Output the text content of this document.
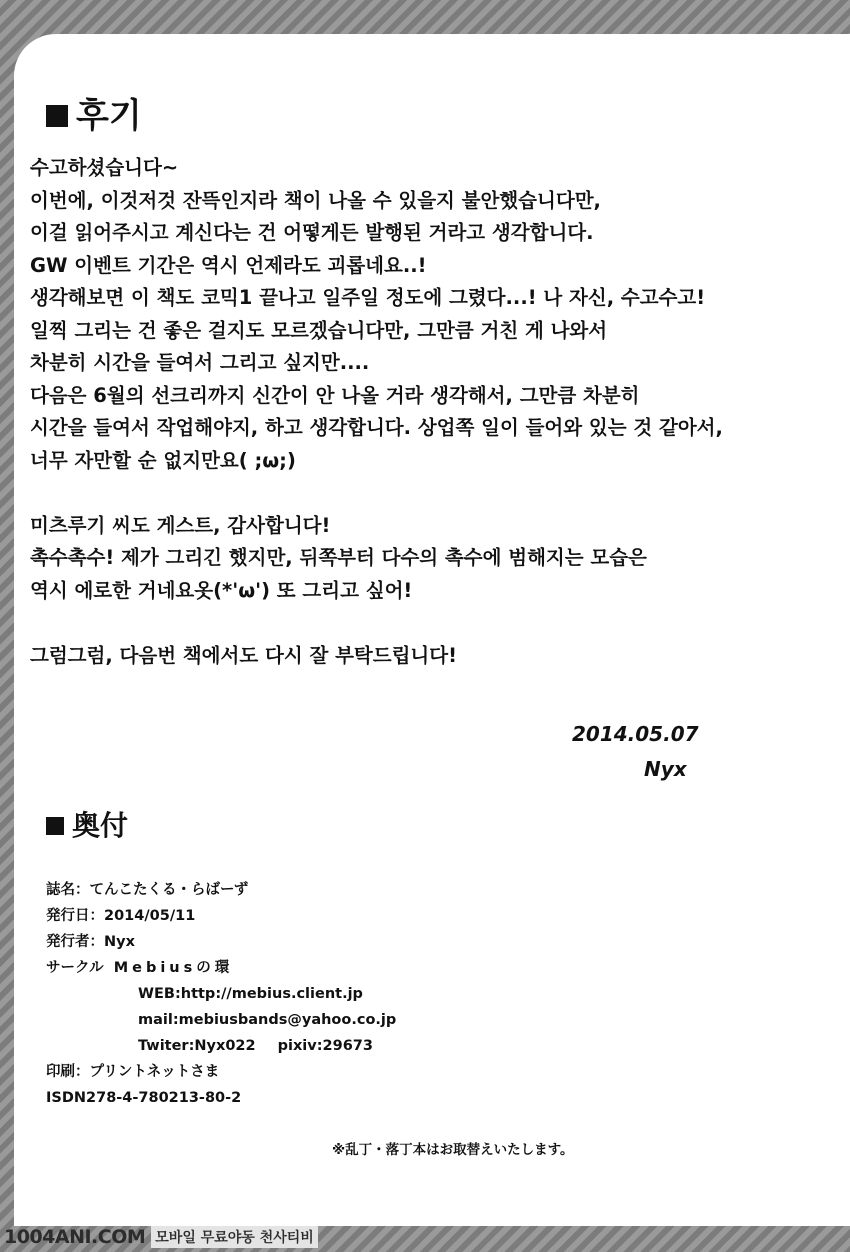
후기
수고하셨습니다~
이번에, 이것저것 잔뜩인지라 책이 나올 수 있을지 불안했습니다만,
이걸 읽어주시고 계신다는 건 어떻게든 발행된 거라고 생각합니다.
GW 이벤트 기간은 역시 언제라도 괴롭네요..!
생각해보면 이 책도 코믹1 끝나고 일주일 정도에 그렸다...! 나 자신, 수고수고!
일찍 그리는 건 좋은 걸지도 모르겠습니다만, 그만큼 거친 게 나와서
차분히 시간을 들여서 그리고 싶지만....
다음은 6월의 선크리까지 신간이 안 나올 거라 생각해서, 그만큼 차분히
시간을 들여서 작업해야지, 하고 생각합니다. 상업쪽 일이 들어와 있는 것 같아서,
너무 자만할 순 없지만요( ;ω;)
미츠루기 씨도 게스트, 감사합니다!
촉수촉수! 제가 그리긴 했지만, 뒤쪽부터 다수의 촉수에 범해지는 모습은
역시 에로한 거네요옷(*'ω') 또 그리고 싶어!
그럼그럼, 다음번 책에서도 다시 잘 부탁드립니다!
2014.05.07
Nyx
奥付
誌名：てんこたくる・らばーず
発行日：2014/05/11
発行者：Nyx
サークル Mebiusの環
WEB:http://mebius.client.jp
mail:mebiusbands@yahoo.co.jp
Twiter:Nyx022 pixiv:29673
印刷：プリントネットさま
ISDN278-4-780213-80-2
※乱丁・落丁本はお取替えいたします。
1004ANI.COM 모바일 무료야동 천사티비
